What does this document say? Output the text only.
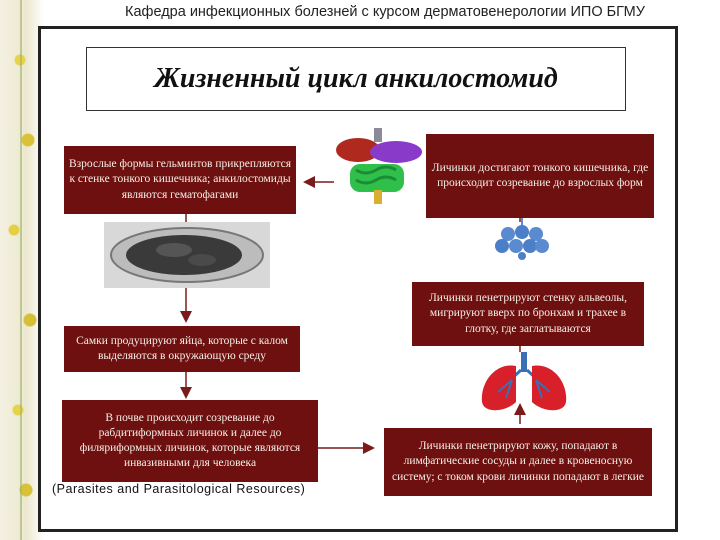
Кафедра инфекционных болезней с курсом дерматовенерологии ИПО БГМУ
Жизненный цикл анкилостомид
Взрослые формы гельминтов прикрепляются к стенке тонкого кишечника; анкилостомиды являются гематофагами
Личинки достигают тонкого кишечника, где происходит созревание до взрослых форм
Самки продуцируют яйца, которые с калом выделяются в окружающую среду
Личинки пенетрируют стенку альвеолы, мигрируют вверх по бронхам и трахее в глотку, где заглатываются
В почве происходит созревание до рабдитиформных личинок и далее до филяриформных личинок, которые являются инвазивными для человека
Личинки пенетрируют кожу, попадают в лимфатические сосуды и далее в кровеносную систему; с током крови личинки попадают в легкие
(Parasites and Parasitological Resources)
